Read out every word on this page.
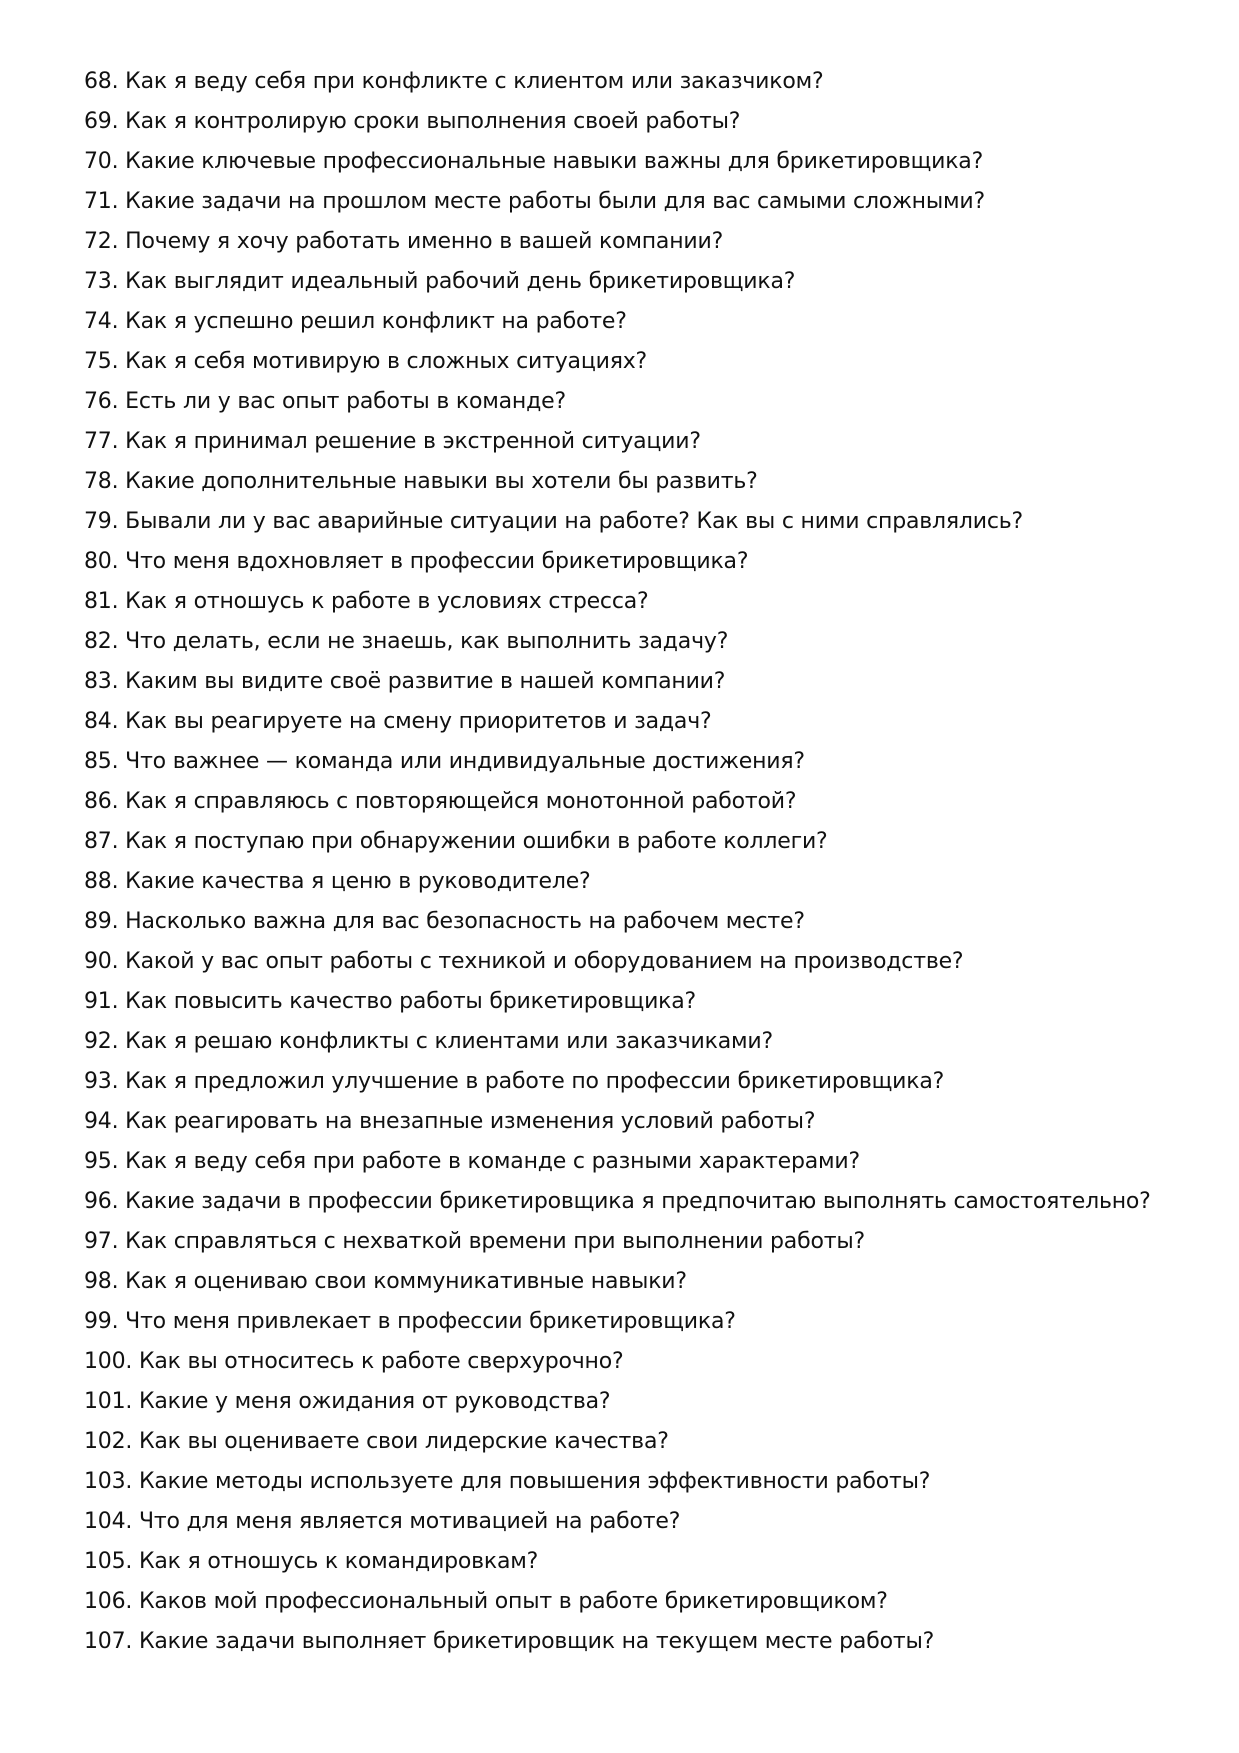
68. Как я веду себя при конфликте с клиентом или заказчиком?
69. Как я контролирую сроки выполнения своей работы?
70. Какие ключевые профессиональные навыки важны для брикетировщика?
71. Какие задачи на прошлом месте работы были для вас самыми сложными?
72. Почему я хочу работать именно в вашей компании?
73. Как выглядит идеальный рабочий день брикетировщика?
74. Как я успешно решил конфликт на работе?
75. Как я себя мотивирую в сложных ситуациях?
76. Есть ли у вас опыт работы в команде?
77. Как я принимал решение в экстренной ситуации?
78. Какие дополнительные навыки вы хотели бы развить?
79. Бывали ли у вас аварийные ситуации на работе? Как вы с ними справлялись?
80. Что меня вдохновляет в профессии брикетировщика?
81. Как я отношусь к работе в условиях стресса?
82. Что делать, если не знаешь, как выполнить задачу?
83. Каким вы видите своё развитие в нашей компании?
84. Как вы реагируете на смену приоритетов и задач?
85. Что важнее — команда или индивидуальные достижения?
86. Как я справляюсь с повторяющейся монотонной работой?
87. Как я поступаю при обнаружении ошибки в работе коллеги?
88. Какие качества я ценю в руководителе?
89. Насколько важна для вас безопасность на рабочем месте?
90. Какой у вас опыт работы с техникой и оборудованием на производстве?
91. Как повысить качество работы брикетировщика?
92. Как я решаю конфликты с клиентами или заказчиками?
93. Как я предложил улучшение в работе по профессии брикетировщика?
94. Как реагировать на внезапные изменения условий работы?
95. Как я веду себя при работе в команде с разными характерами?
96. Какие задачи в профессии брикетировщика я предпочитаю выполнять самостоятельно?
97. Как справляться с нехваткой времени при выполнении работы?
98. Как я оцениваю свои коммуникативные навыки?
99. Что меня привлекает в профессии брикетировщика?
100. Как вы относитесь к работе сверхурочно?
101. Какие у меня ожидания от руководства?
102. Как вы оцениваете свои лидерские качества?
103. Какие методы используете для повышения эффективности работы?
104. Что для меня является мотивацией на работе?
105. Как я отношусь к командировкам?
106. Каков мой профессиональный опыт в работе брикетировщиком?
107. Какие задачи выполняет брикетировщик на текущем месте работы?
